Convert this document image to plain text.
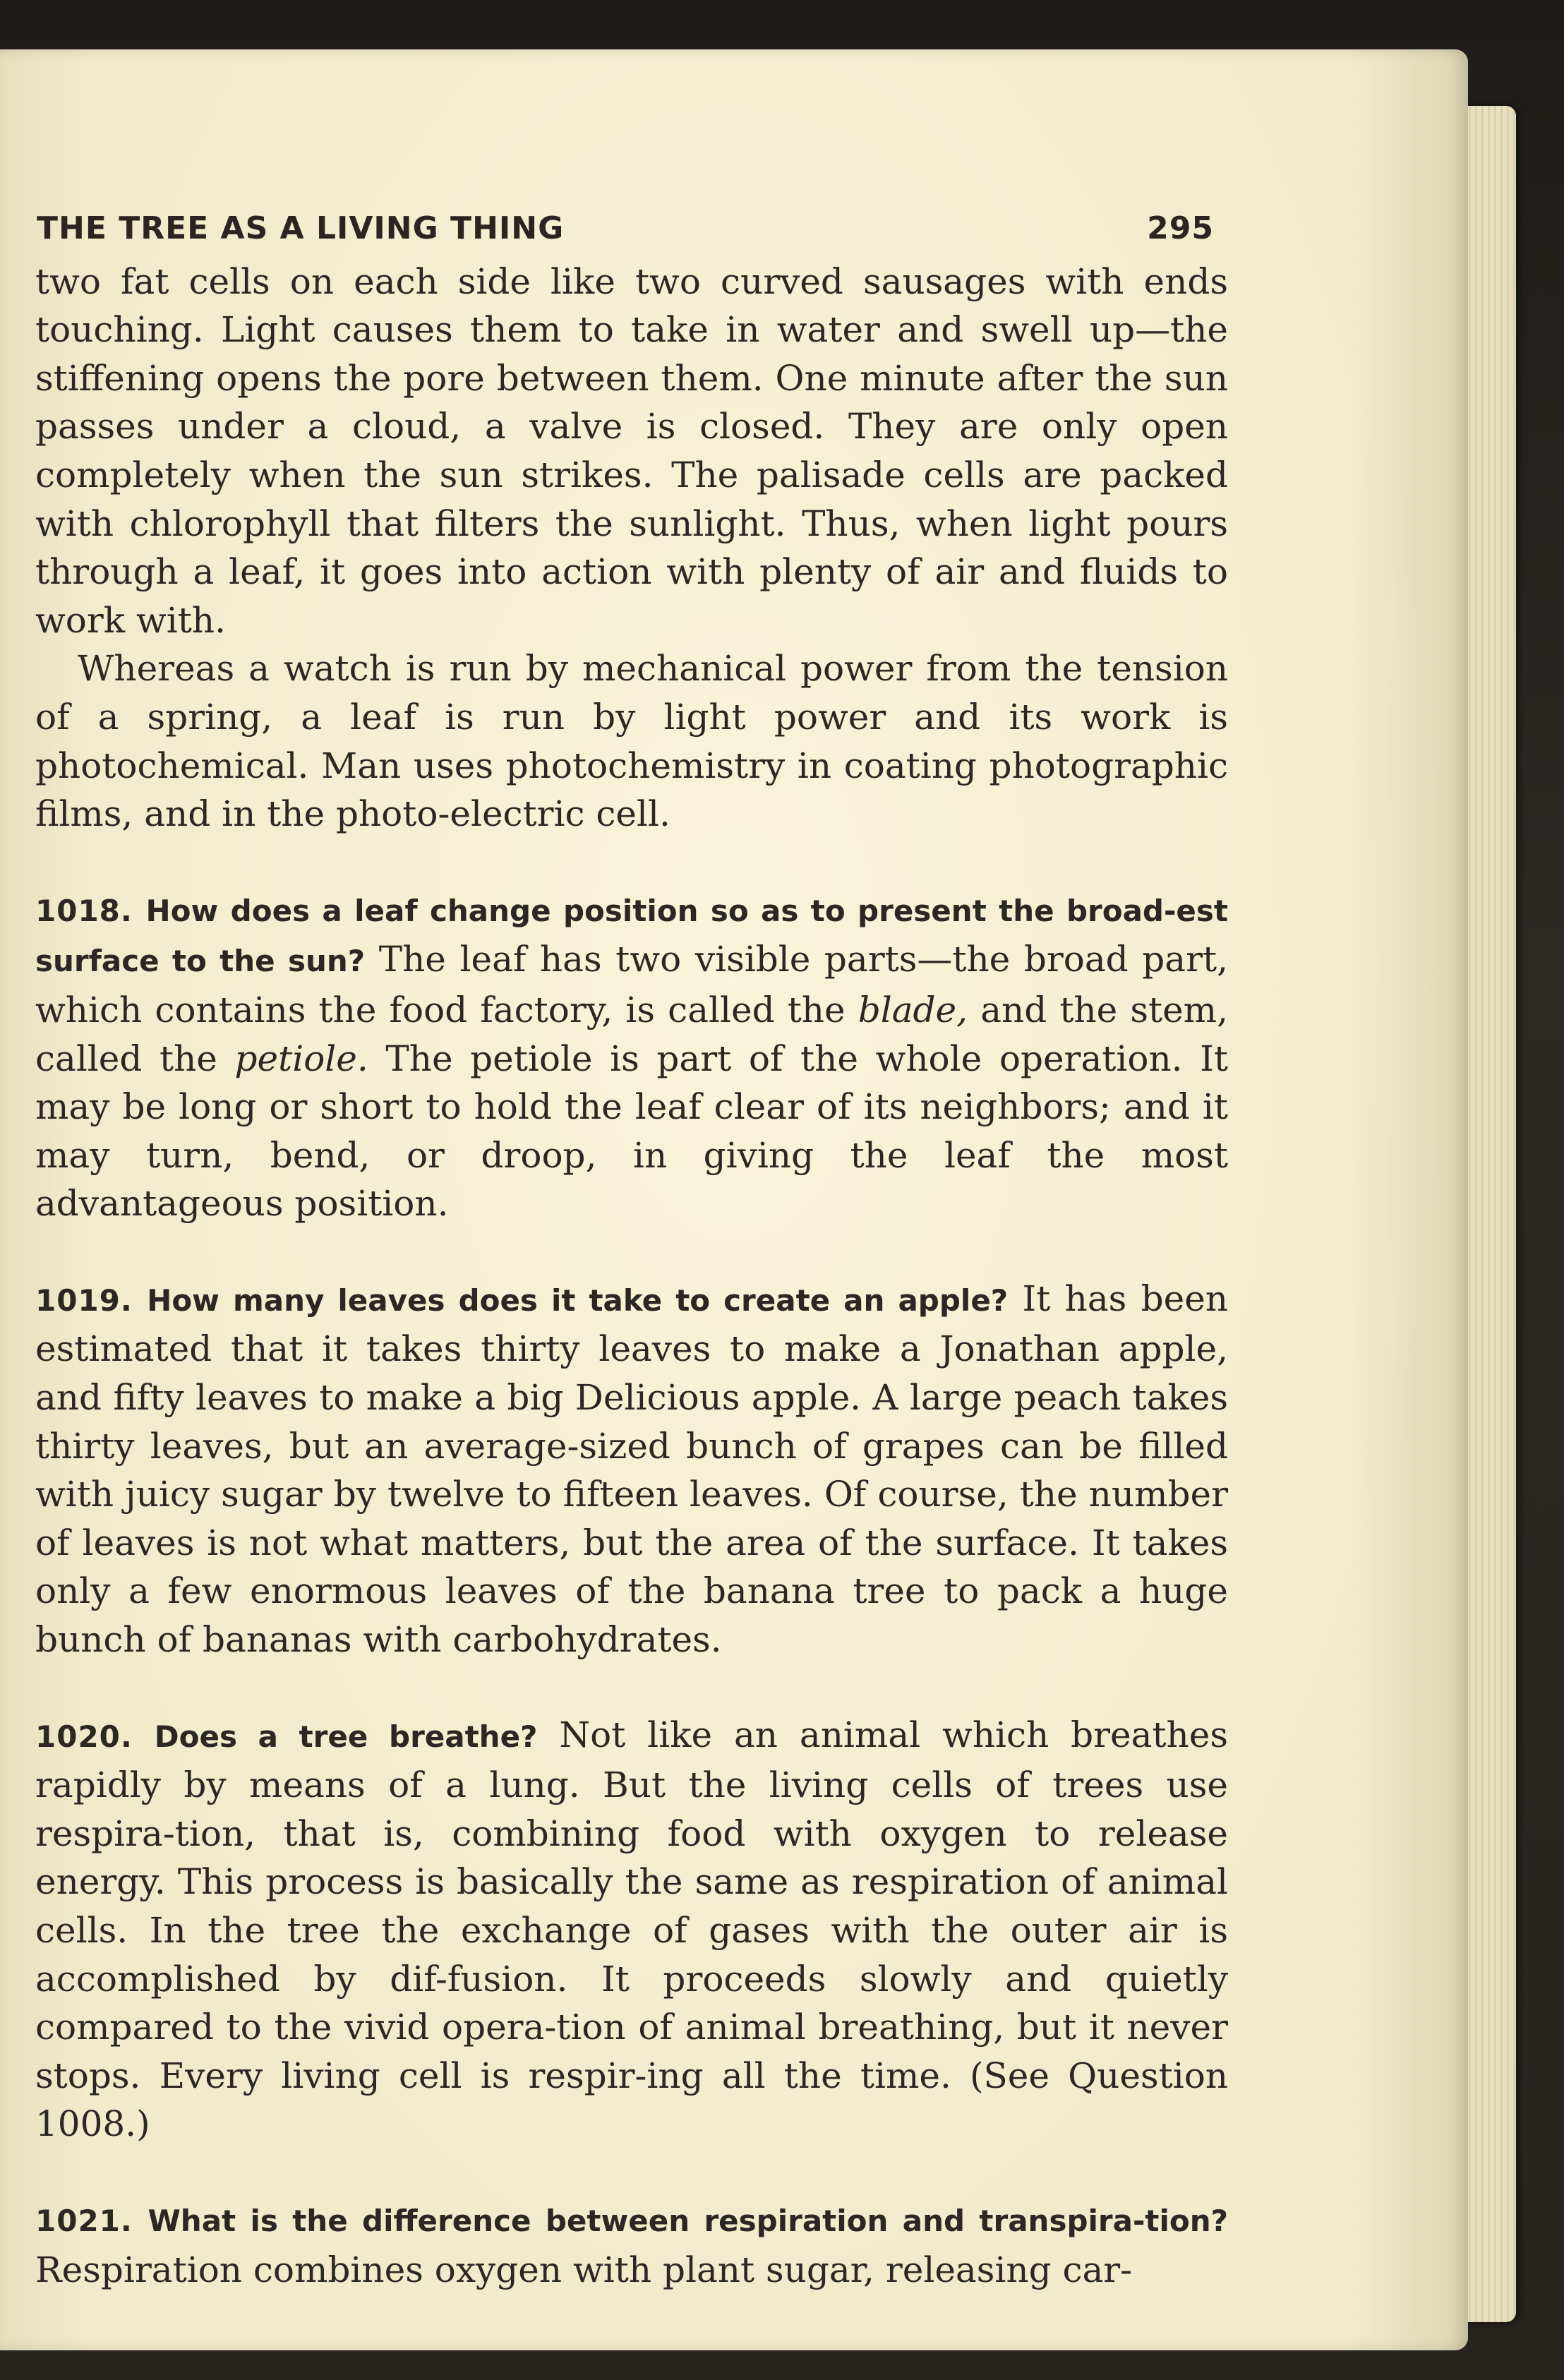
THE TREE AS A LIVING THING	295

two fat cells on each side like two curved sausages with ends touching. Light causes them to take in water and swell up—the stiffening opens the pore between them. One minute after the sun passes under a cloud, a valve is closed. They are only open completely when the sun strikes. The palisade cells are packed with chlorophyll that filters the sunlight. Thus, when light pours through a leaf, it goes into action with plenty of air and fluids to work with.

Whereas a watch is run by mechanical power from the tension of a spring, a leaf is run by light power and its work is photochemical. Man uses photochemistry in coating photographic films, and in the photo-electric cell.

1018. How does a leaf change position so as to present the broad-est surface to the sun? The leaf has two visible parts—the broad part, which contains the food factory, is called the blade, and the stem, called the petiole. The petiole is part of the whole operation. It may be long or short to hold the leaf clear of its neighbors; and it may turn, bend, or droop, in giving the leaf the most advantageous position.

1019. How many leaves does it take to create an apple? It has been estimated that it takes thirty leaves to make a Jonathan apple, and fifty leaves to make a big Delicious apple. A large peach takes thirty leaves, but an average-sized bunch of grapes can be filled with juicy sugar by twelve to fifteen leaves. Of course, the number of leaves is not what matters, but the area of the surface. It takes only a few enormous leaves of the banana tree to pack a huge bunch of bananas with carbohydrates.

1020. Does a tree breathe? Not like an animal which breathes rapidly by means of a lung. But the living cells of trees use respira-tion, that is, combining food with oxygen to release energy. This process is basically the same as respiration of animal cells. In the tree the exchange of gases with the outer air is accomplished by dif-fusion. It proceeds slowly and quietly compared to the vivid opera-tion of animal breathing, but it never stops. Every living cell is respir-ing all the time. (See Question 1008.)

1021. What is the difference between respiration and transpira-tion? Respiration combines oxygen with plant sugar, releasing car-
